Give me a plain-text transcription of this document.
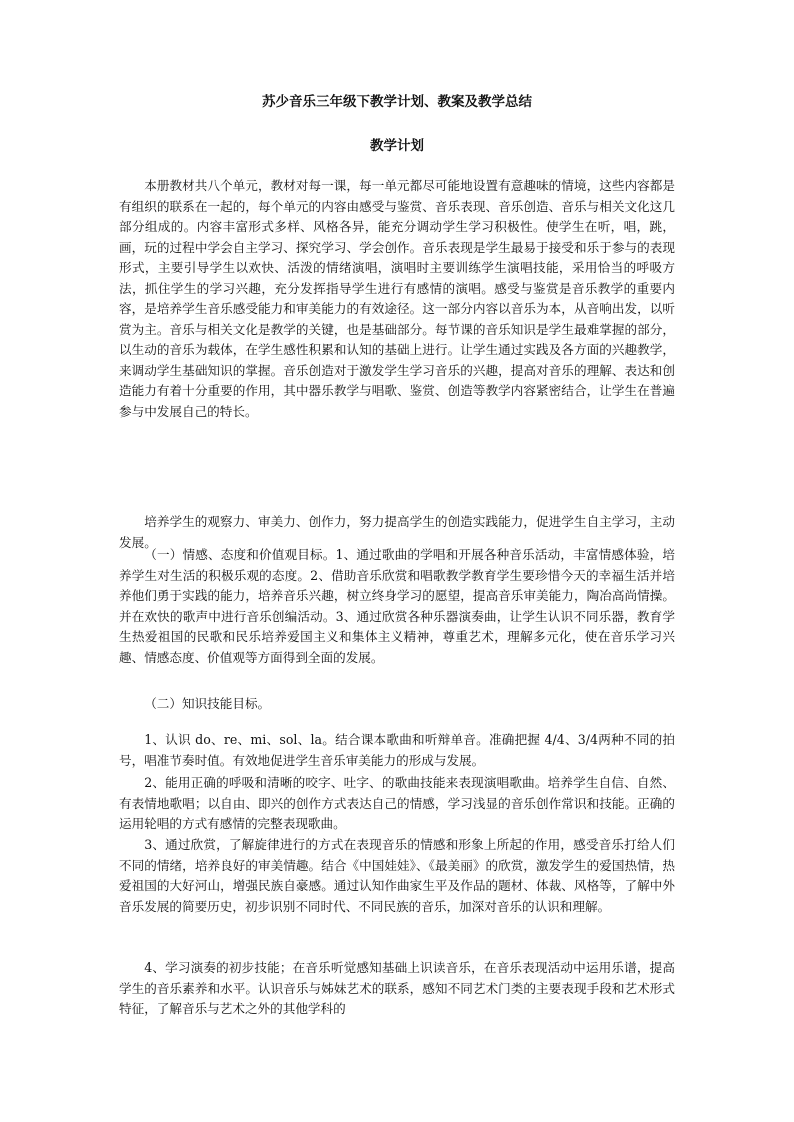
苏少音乐三年级下教学计划、教案及教学总结
教学计划

本册教材共八个单元，教材对每一课，每一单元都尽可能地设置有意趣味的情境，这些内容都是有组织的联系在一起的，每个单元的内容由感受与鉴赏、音乐表现、音乐创造、音乐与相关文化这几部分组成的。内容丰富形式多样、风格各异，能充分调动学生学习积极性。使学生在听，唱，跳，画，玩的过程中学会自主学习、探究学习、学会创作。音乐表现是学生最易于接受和乐于参与的表现形式，主要引导学生以欢快、活泼的情绪演唱，演唱时主要训练学生演唱技能，采用恰当的呼吸方法，抓住学生的学习兴趣，充分发挥指导学生进行有感情的演唱。感受与鉴赏是音乐教学的重要内容，是培养学生音乐感受能力和审美能力的有效途径。这一部分内容以音乐为本，从音响出发，以听赏为主。音乐与相关文化是教学的关键，也是基础部分。每节课的音乐知识是学生最难掌握的部分，以生动的音乐为载体，在学生感性积累和认知的基础上进行。让学生通过实践及各方面的兴趣教学，来调动学生基础知识的掌握。音乐创造对于激发学生学习音乐的兴趣，提高对音乐的理解、表达和创造能力有着十分重要的作用，其中器乐教学与唱歌、鉴赏、创造等教学内容紧密结合，让学生在普遍参与中发展自己的特长。

培养学生的观察力、审美力、创作力，努力提高学生的创造实践能力，促进学生自主学习，主动发展。

（一）情感、态度和价值观目标。1、通过歌曲的学唱和开展各种音乐活动，丰富情感体验，培养学生对生活的积极乐观的态度。2、借助音乐欣赏和唱歌教学教育学生要珍惜今天的幸福生活并培养他们勇于实践的能力，培养音乐兴趣，树立终身学习的愿望，提高音乐审美能力，陶冶高尚情操。并在欢快的歌声中进行音乐创编活动。3、通过欣赏各种乐器演奏曲，让学生认识不同乐器，教育学生热爱祖国的民歌和民乐培养爱国主义和集体主义精神，尊重艺术，理解多元化，使在音乐学习兴趣、情感态度、价值观等方面得到全面的发展。

（二）知识技能目标。

1、认识 do、re、mi、sol、la。结合课本歌曲和听辩单音。准确把握 4/4、3/4两种不同的拍号，唱准节奏时值。有效地促进学生音乐审美能力的形成与发展。

2、能用正确的呼吸和清晰的咬字、吐字、的歌曲技能来表现演唱歌曲。培养学生自信、自然、有表情地歌唱；以自由、即兴的创作方式表达自己的情感，学习浅显的音乐创作常识和技能。正确的运用轮唱的方式有感情的完整表现歌曲。

3、通过欣赏，了解旋律进行的方式在表现音乐的情感和形象上所起的作用，感受音乐打给人们不同的情绪，培养良好的审美情趣。结合《中国娃娃》、《最美丽》的欣赏，激发学生的爱国热情，热爱祖国的大好河山，增强民族自豪感。通过认知作曲家生平及作品的题材、体裁、风格等，了解中外音乐发展的简要历史，初步识别不同时代、不同民族的音乐，加深对音乐的认识和理解。

4、学习演奏的初步技能；在音乐听觉感知基础上识读音乐，在音乐表现活动中运用乐谱，提高学生的音乐素养和水平。认识音乐与姊妹艺术的联系，感知不同艺术门类的主要表现手段和艺术形式特征，了解音乐与艺术之外的其他学科的
